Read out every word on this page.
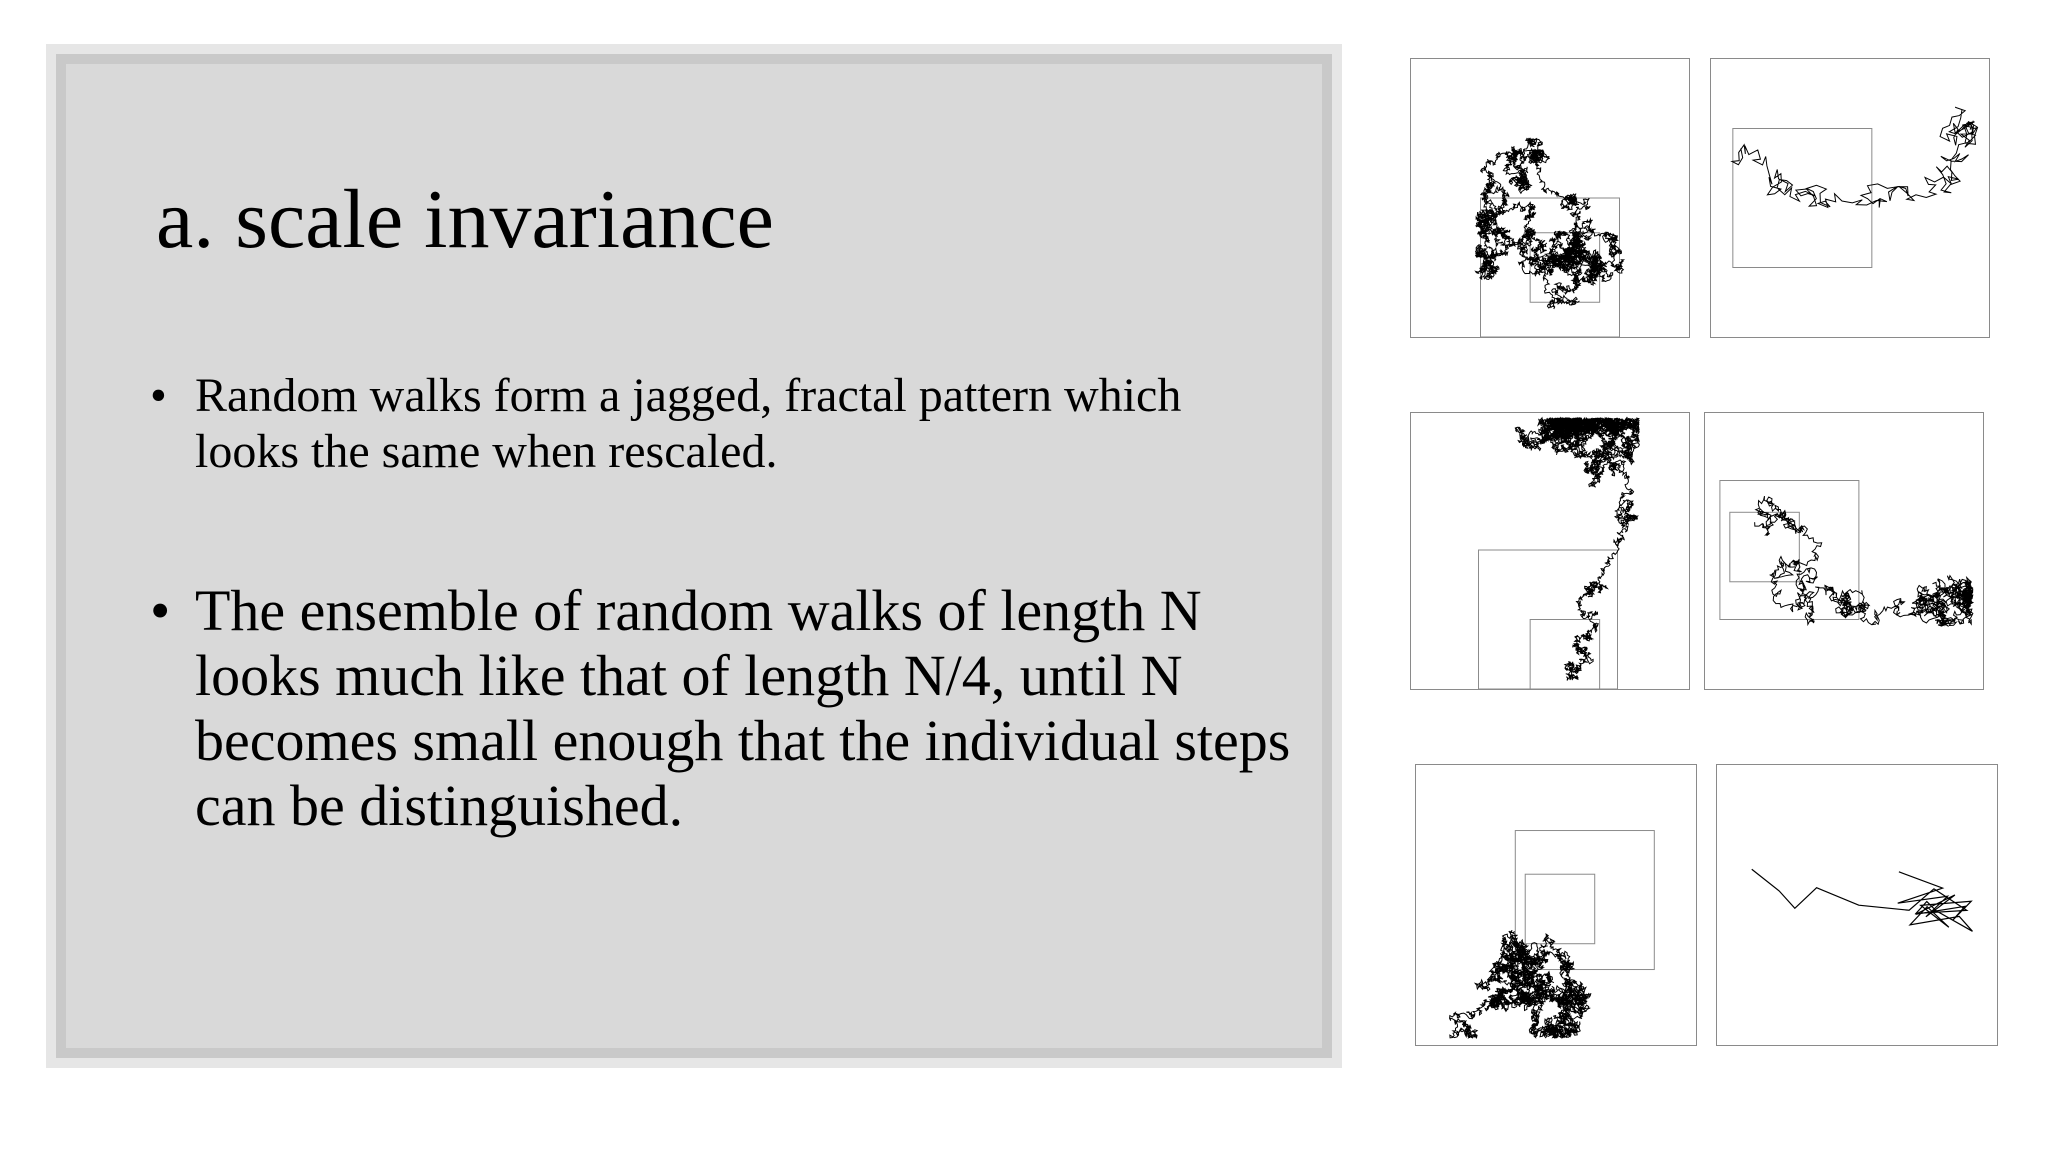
a. scale invariance
• Random walks form a jagged, fractal pattern which looks the same when rescaled.
• The ensemble of random walks of length N looks much like that of length N/4, until N becomes small enough that the individual steps can be distinguished.
